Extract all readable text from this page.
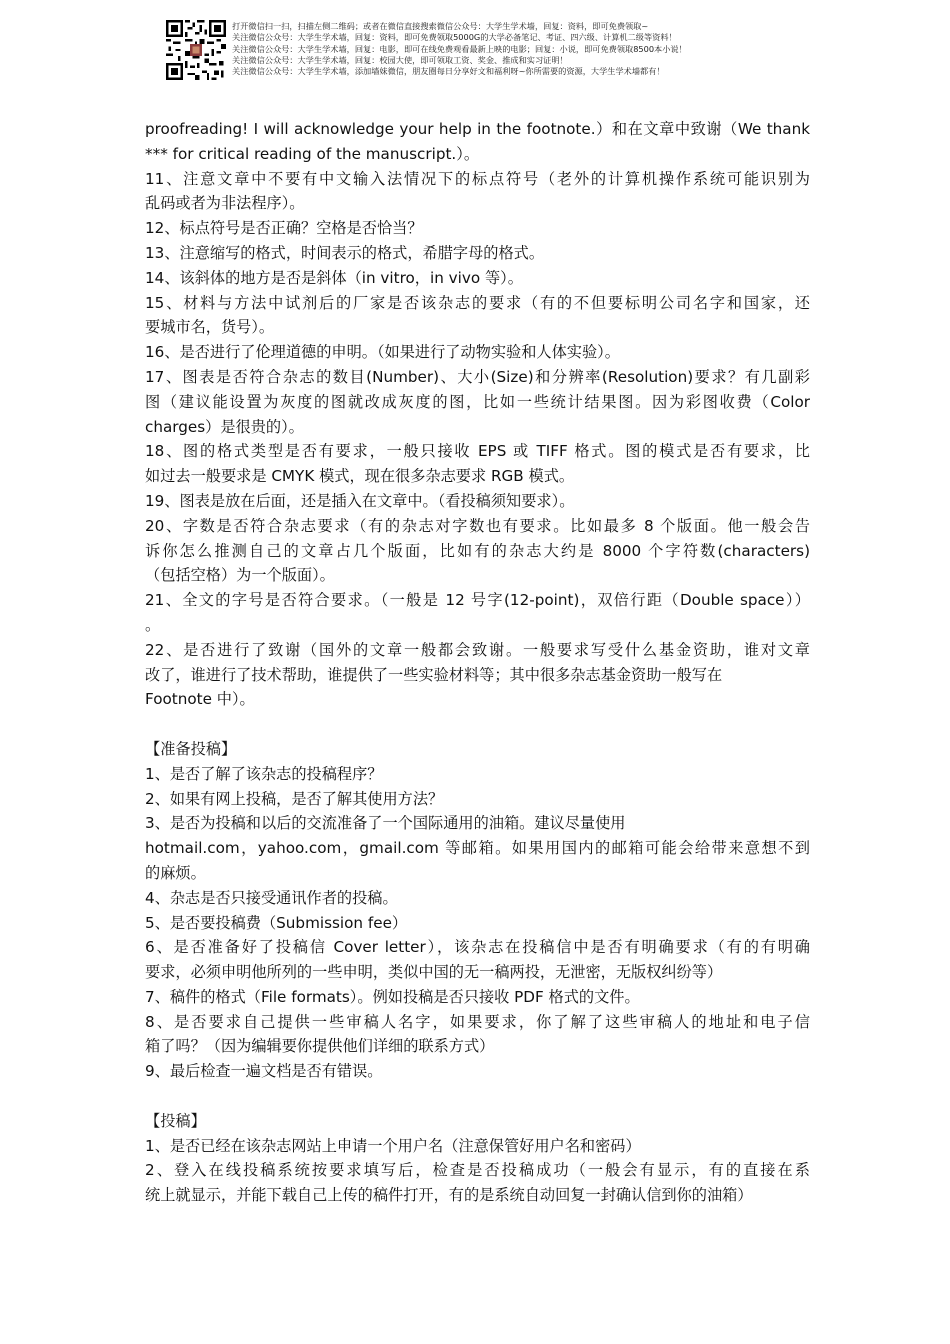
打开微信扫一扫，扫描左侧二维码；或者在微信直接搜索微信公众号：大学生学术墙，回复：资料，即可免费领取~
关注微信公众号：大学生学术墙，回复：资料，即可免费领取5000G的大学必备笔记、考证、四六级、计算机二级等资料！
关注微信公众号：大学生学术墙，回复：电影，即可在线免费观看最新上映的电影；回复：小说，即可免费领取8500本小说！
关注微信公众号：大学生学术墙，回复：校园大使，即可领取工资、奖金、推成和实习证明！
关注微信公众号：大学生学术墙，添加墙妹微信，朋友圈每日分享好文和福利呀~你所需要的资源，大学生学术墙都有！
proofreading! I will acknowledge your help in the footnote.）和在文章中致谢（We thank
*** for critical reading of the manuscript.）。
11、注意文章中不要有中文输入法情况下的标点符号（老外的计算机操作系统可能识别为
乱码或者为非法程序）。
12、标点符号是否正确？空格是否恰当？
13、注意缩写的格式，时间表示的格式，希腊字母的格式。
14、该斜体的地方是否是斜体（in vitro，in vivo 等）。
15、材料与方法中试剂后的厂家是否该杂志的要求（有的不但要标明公司名字和国家，还
要城市名，货号）。
16、是否进行了伦理道德的申明。（如果进行了动物实验和人体实验）。
17、图表是否符合杂志的数目(Number)、大小(Size)和分辨率(Resolution)要求？有几副彩
图（建议能设置为灰度的图就改成灰度的图，比如一些统计结果图。因为彩图收费（Color
charges）是很贵的）。
18、图的格式类型是否有要求，一般只接收 EPS 或 TIFF 格式。图的模式是否有要求，比
如过去一般要求是 CMYK 模式，现在很多杂志要求 RGB 模式。
19、图表是放在后面，还是插入在文章中。（看投稿须知要求）。
20、字数是否符合杂志要求（有的杂志对字数也有要求。比如最多 8 个版面。他一般会告
诉你怎么推测自己的文章占几个版面，比如有的杂志大约是 8000 个字符数(characters)
（包括空格）为一个版面）。
21、全文的字号是否符合要求。（一般是 12 号字(12-point)，双倍行距（Double space））
。
22、是否进行了致谢（国外的文章一般都会致谢。一般要求写受什么基金资助，谁对文章
改了，谁进行了技术帮助，谁提供了一些实验材料等；其中很多杂志基金资助一般写在
Footnote 中）。
【准备投稿】
1、是否了解了该杂志的投稿程序？
2、如果有网上投稿，是否了解其使用方法？
3、是否为投稿和以后的交流准备了一个国际通用的油箱。建议尽量使用
hotmail.com，yahoo.com，gmail.com 等邮箱。如果用国内的邮箱可能会给带来意想不到
的麻烦。
4、杂志是否只接受通讯作者的投稿。
5、是否要投稿费（Submission fee）
6、是否准备好了投稿信 Cover letter），该杂志在投稿信中是否有明确要求（有的有明确
要求，必须申明他所列的一些申明，类似中国的无一稿两投，无泄密，无版权纠纷等）
7、稿件的格式（File formats）。例如投稿是否只接收 PDF 格式的文件。
8、是否要求自己提供一些审稿人名字，如果要求，你了解了这些审稿人的地址和电子信
箱了吗？（因为编辑要你提供他们详细的联系方式）
9、最后检查一遍文档是否有错误。
【投稿】
1、是否已经在该杂志网站上申请一个用户名（注意保管好用户名和密码）
2、登入在线投稿系统按要求填写后，检查是否投稿成功（一般会有显示，有的直接在系
统上就显示，并能下载自己上传的稿件打开，有的是系统自动回复一封确认信到你的油箱）
